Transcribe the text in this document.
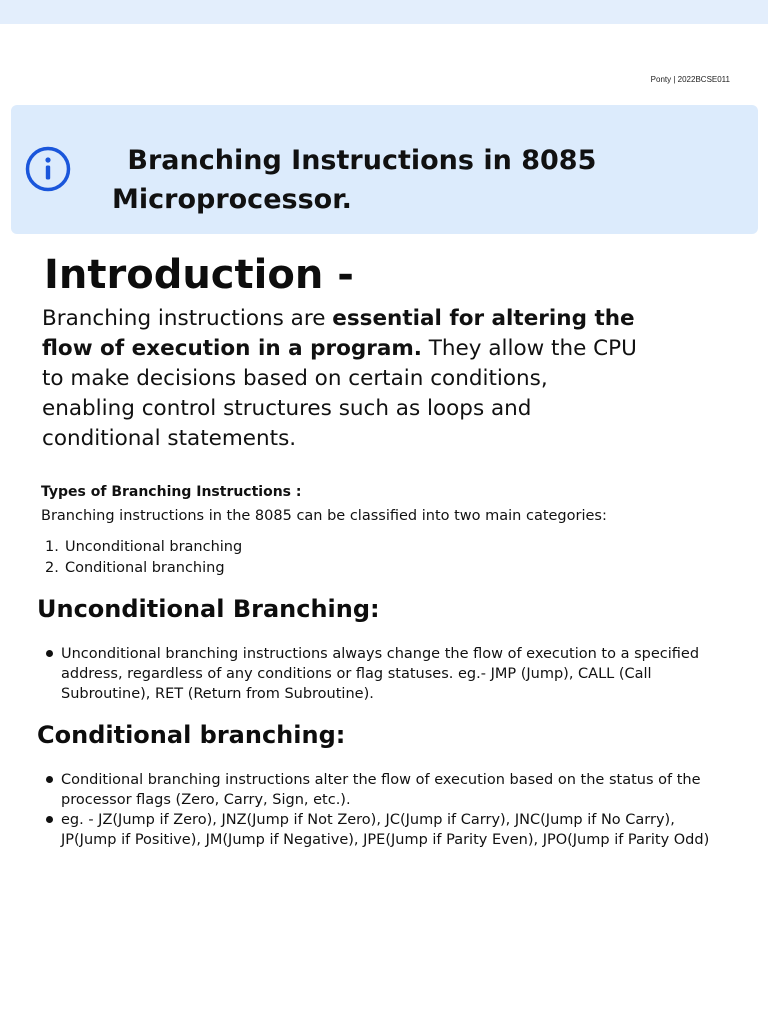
Ponty | 2022BCSE011
Branching Instructions in 8085
Microprocessor.
Introduction -

Branching instructions are essential for altering the flow of execution in a program. They allow the CPU to make decisions based on certain conditions, enabling control structures such as loops and conditional statements.

Types of Branching Instructions :

Branching instructions in the 8085 can be classified into two main categories:

1. Unconditional branching
2. Conditional branching
Unconditional Branching:
Unconditional branching instructions always change the flow of execution to a specified address, regardless of any conditions or flag statuses. eg.- JMP (Jump), CALL (Call Subroutine), RET (Return from Subroutine).
Conditional branching:
Conditional branching instructions alter the flow of execution based on the status of the processor flags (Zero, Carry, Sign, etc.).
eg. - JZ(Jump if Zero), JNZ(Jump if Not Zero), JC(Jump if Carry), JNC(Jump if No Carry), JP(Jump if Positive), JM(Jump if Negative), JPE(Jump if Parity Even), JPO(Jump if Parity Odd)
